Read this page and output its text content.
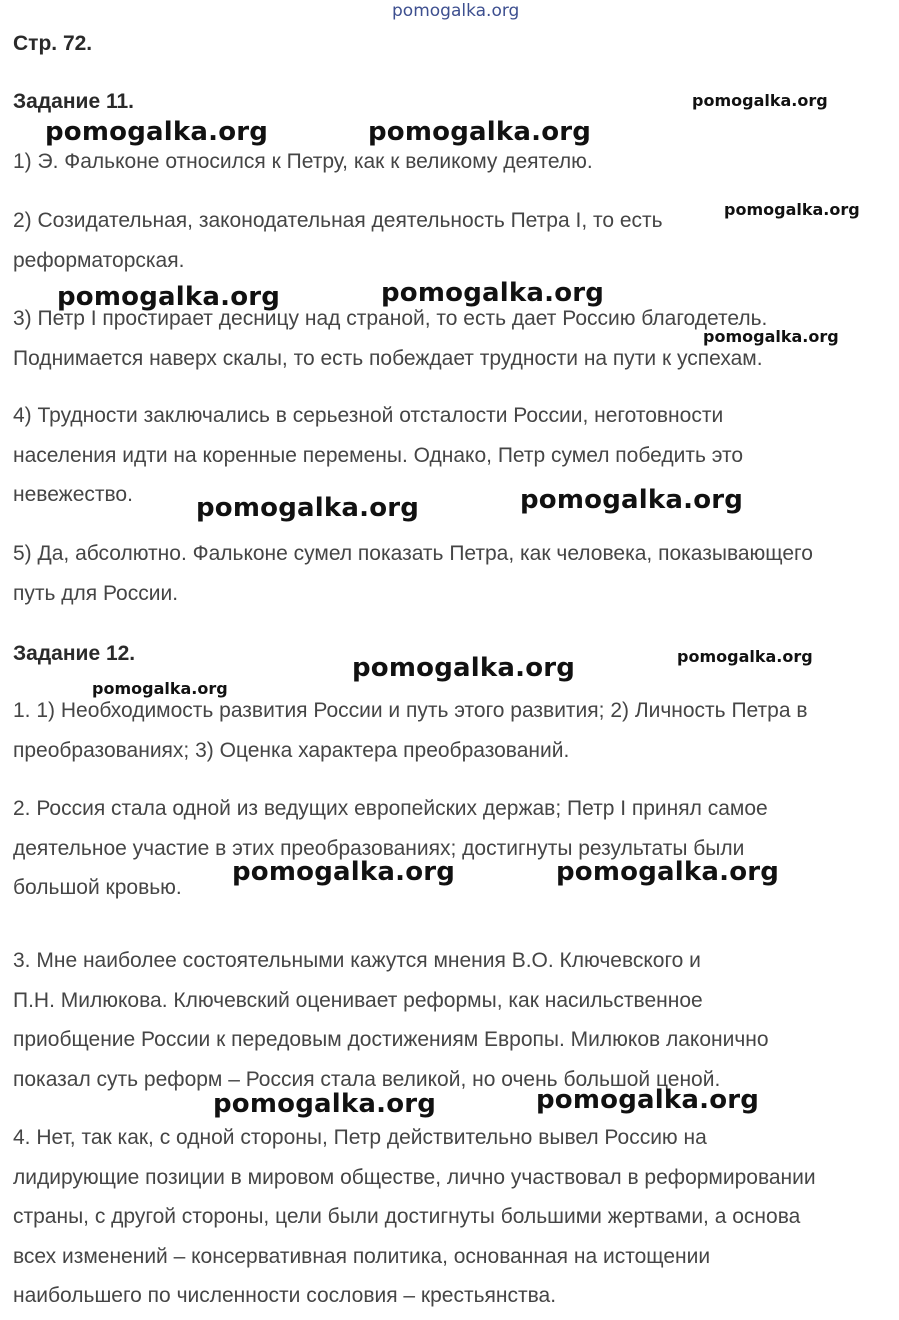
pomogalka.org
Стр. 72.
Задание 11.
1) Э. Фальконе относился к Петру, как к великому деятелю.
2) Созидательная, законодательная деятельность Петра I, то есть
реформаторская.
3) Петр I простирает десницу над страной, то есть дает Россию благодетель.
Поднимается наверх скалы, то есть побеждает трудности на пути к успехам.
4) Трудности заключались в серьезной отсталости России, неготовности
населения идти на коренные перемены. Однако, Петр сумел победить это
невежество.
5) Да, абсолютно. Фальконе сумел показать Петра, как человека, показывающего
путь для России.
Задание 12.
1. 1) Необходимость развития России и путь этого развития; 2) Личность Петра в
преобразованиях; 3) Оценка характера преобразований.
2. Россия стала одной из ведущих европейских держав; Петр I принял самое
деятельное участие в этих преобразованиях; достигнуты результаты были
большой кровью.
3. Мне наиболее состоятельными кажутся мнения В.О. Ключевского и
П.Н. Милюкова. Ключевский оценивает реформы, как насильственное
приобщение России к передовым достижениям Европы. Милюков лаконично
показал суть реформ – Россия стала великой, но очень большой ценой.
4. Нет, так как, с одной стороны, Петр действительно вывел Россию на
лидирующие позиции в мировом обществе, лично участвовал в реформировании
страны, с другой стороны, цели были достигнуты большими жертвами, а основа
всех изменений – консервативная политика, основанная на истощении
наибольшего по численности сословия – крестьянства.
pomogalka.org
pomogalka.org	pomogalka.org
pomogalka.org
pomogalka.org	pomogalka.org
pomogalka.org
pomogalka.org	pomogalka.org
pomogalka.org
pomogalka.org
pomogalka.org
pomogalka.org	pomogalka.org
pomogalka.org	pomogalka.org
